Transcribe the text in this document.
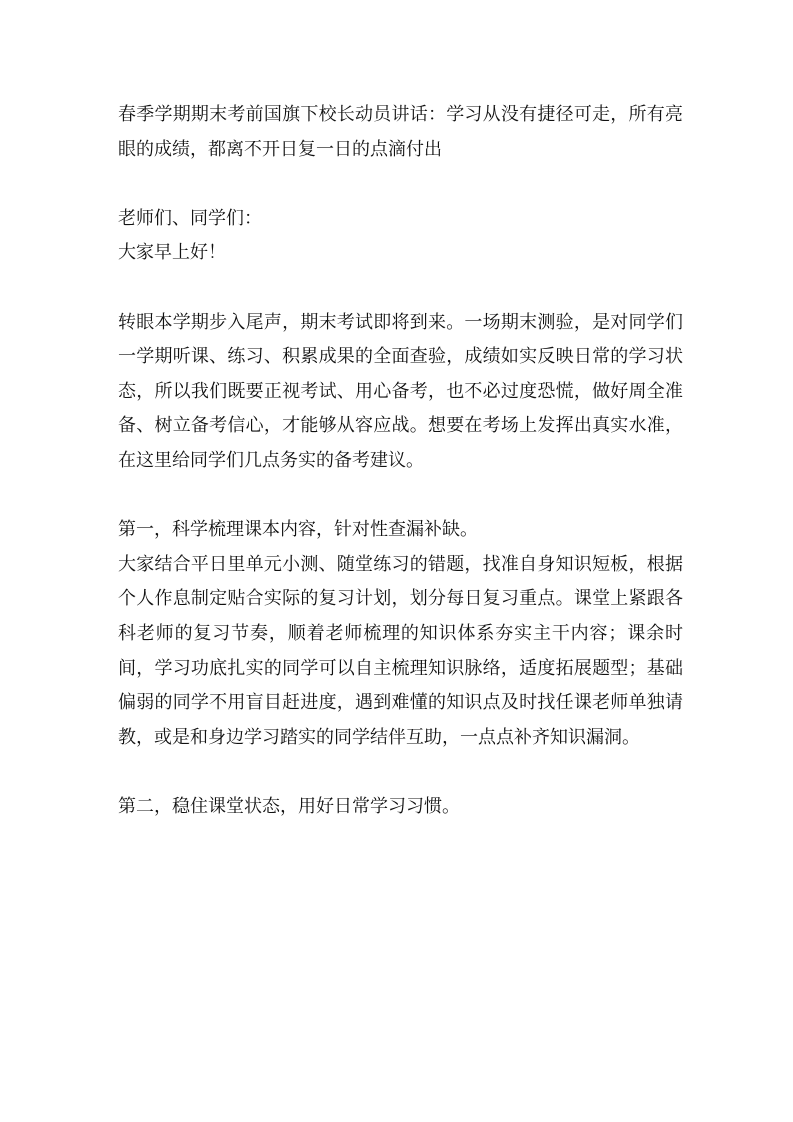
春季学期期末考前国旗下校长动员讲话：学习从没有捷径可走，所有亮眼的成绩，都离不开日复一日的点滴付出

老师们、同学们：

大家早上好！

转眼本学期步入尾声，期末考试即将到来。一场期末测验，是对同学们一学期听课、练习、积累成果的全面查验，成绩如实反映日常的学习状态，所以我们既要正视考试、用心备考，也不必过度恐慌，做好周全准备、树立备考信心，才能够从容应战。想要在考场上发挥出真实水准，在这里给同学们几点务实的备考建议。

第一，科学梳理课本内容，针对性查漏补缺。

大家结合平日里单元小测、随堂练习的错题，找准自身知识短板，根据个人作息制定贴合实际的复习计划，划分每日复习重点。课堂上紧跟各科老师的复习节奏，顺着老师梳理的知识体系夯实主干内容；课余时间，学习功底扎实的同学可以自主梳理知识脉络，适度拓展题型；基础偏弱的同学不用盲目赶进度，遇到难懂的知识点及时找任课老师单独请教，或是和身边学习踏实的同学结伴互助，一点点补齐知识漏洞。

第二，稳住课堂状态，用好日常学习习惯。
